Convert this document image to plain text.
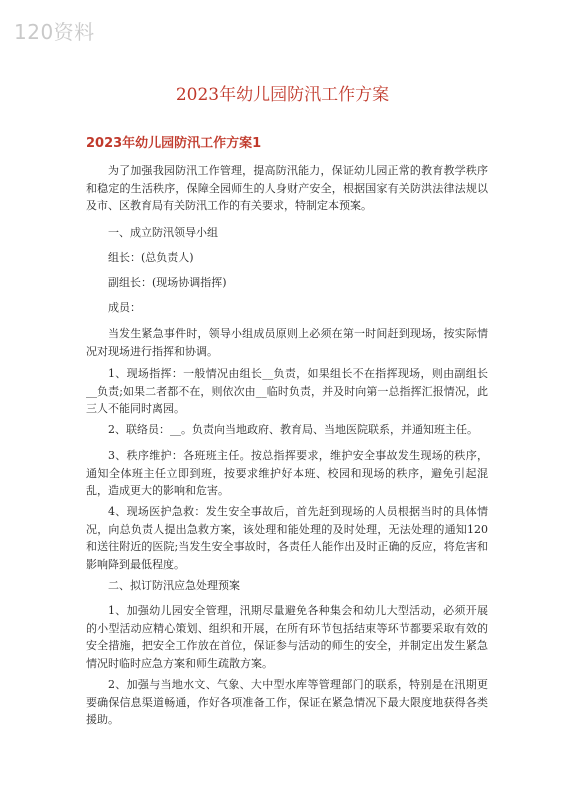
120资料
2023年幼儿园防汛工作方案
2023年幼儿园防汛工作方案1

为了加强我园防汛工作管理，提高防汛能力，保证幼儿园正常的教育教学秩序和稳定的生活秩序，保障全园师生的人身财产安全，根据国家有关防洪法律法规以及市、区教育局有关防汛工作的有关要求，特制定本预案。

一、成立防汛领导小组

组长：(总负责人)

副组长：(现场协调指挥)

成员：

当发生紧急事件时，领导小组成员原则上必须在第一时间赶到现场，按实际情况对现场进行指挥和协调。

1、现场指挥：一般情况由组长__负责，如果组长不在指挥现场，则由副组长__负责;如果二者都不在，则依次由__临时负责，并及时向第一总指挥汇报情况，此三人不能同时离园。

2、联络员：__。负责向当地政府、教育局、当地医院联系，并通知班主任。

3、秩序维护：各班班主任。按总指挥要求，维护安全事故发生现场的秩序，通知全体班主任立即到班，按要求维护好本班、校园和现场的秩序，避免引起混乱，造成更大的影响和危害。

4、现场医护急救：发生安全事故后，首先赶到现场的人员根据当时的具体情况，向总负责人提出急救方案，该处理和能处理的及时处理，无法处理的通知120和送往附近的医院;当发生安全事故时，各责任人能作出及时正确的反应，将危害和影响降到最低程度。

二、拟订防汛应急处理预案

1、加强幼儿园安全管理，汛期尽量避免各种集会和幼儿大型活动，必须开展的小型活动应精心策划、组织和开展，在所有环节包括结束等环节都要采取有效的安全措施，把安全工作放在首位，保证参与活动的师生的安全，并制定出发生紧急情况时临时应急方案和师生疏散方案。

2、加强与当地水文、气象、大中型水库等管理部门的联系，特别是在汛期更要确保信息渠道畅通，作好各项准备工作，保证在紧急情况下最大限度地获得各类援助。
